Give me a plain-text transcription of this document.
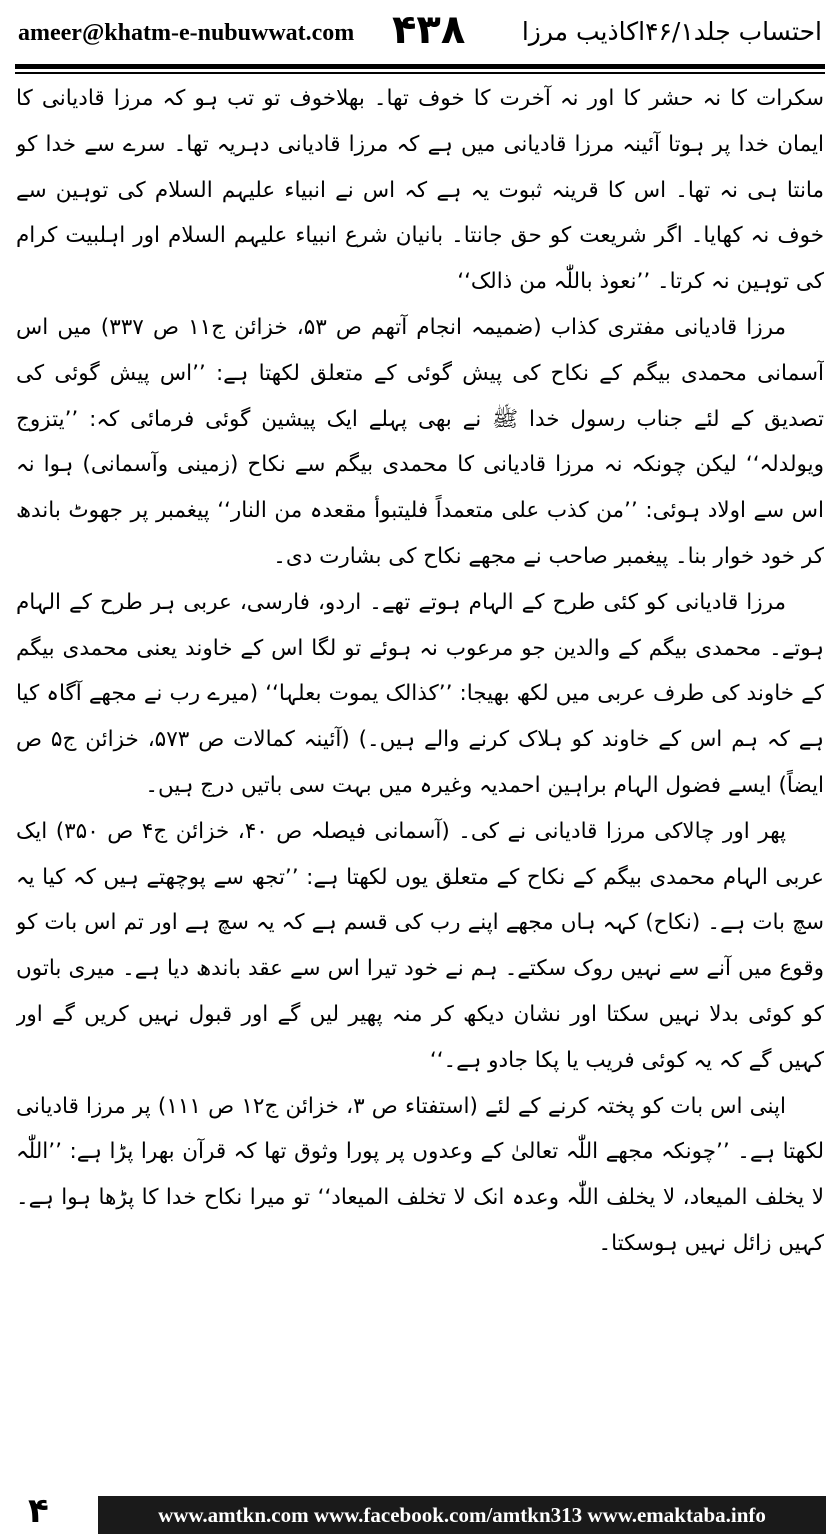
ameer@khatm-e-nubuwwat.com ۴۳۸ احتساب جلد۴۶/۱اکاذیب مرزا

سکرات کا نہ حشر کا اور نہ آخرت کا خوف تھا۔ بھلاخوف تو تب ہو کہ مرزا قادیانی کا ایمان خدا پر ہوتا آئینہ مرزا قادیانی میں ہے کہ مرزا قادیانی دہریہ تھا۔ سرے سے خدا کو مانتا ہی نہ تھا۔ اس کا قرینہ ثبوت یہ ہے کہ اس نے انبیاء علیہم السلام کی توہین سے خوف نہ کھایا۔ اگر شریعت کو حق جانتا۔ بانیان شرع انبیاء علیہم السلام اور اہلبیت کرام کی توہین نہ کرتا۔ ’’نعوذ باللّٰہ من ذالک‘‘

مرزا قادیانی مفتری کذاب (ضمیمہ انجام آتھم ص ۵۳، خزائن ج۱۱ ص ۳۳۷) میں اس آسمانی محمدی بیگم کے نکاح کی پیش گوئی کے متعلق لکھتا ہے: ’’اس پیش گوئی کی تصدیق کے لئے جناب رسول خدا ﷺ نے بھی پہلے ایک پیشین گوئی فرمائی کہ: ’’یتزوج ویولدلہ‘‘ لیکن چونکہ نہ مرزا قادیانی کا محمدی بیگم سے نکاح (زمینی وآسمانی) ہوا نہ اس سے اولاد ہوئی: ’’من کذب علی متعمداً فلیتبوأ مقعدہ من النار‘‘ پیغمبر پر جھوٹ باندھ کر خود خوار بنا۔ پیغمبر صاحب نے مجھے نکاح کی بشارت دی۔

مرزا قادیانی کو کئی طرح کے الہام ہوتے تھے۔ اردو، فارسی، عربی ہر طرح کے الہام ہوتے۔ محمدی بیگم کے والدین جو مرعوب نہ ہوئے تو لگا اس کے خاوند یعنی محمدی بیگم کے خاوند کی طرف عربی میں لکھ بھیجا: ’’کذالک یموت بعلہا‘‘ (میرے رب نے مجھے آگاہ کیا ہے کہ ہم اس کے خاوند کو ہلاک کرنے والے ہیں۔) (آئینہ کمالات ص ۵۷۳، خزائن ج۵ ص ایضاً) ایسے فضول الہام براہین احمدیہ وغیرہ میں بہت سی باتیں درج ہیں۔

پھر اور چالاکی مرزا قادیانی نے کی۔ (آسمانی فیصلہ ص ۴۰، خزائن ج۴ ص ۳۵۰) ایک عربی الہام محمدی بیگم کے نکاح کے متعلق یوں لکھتا ہے: ’’تجھ سے پوچھتے ہیں کہ کیا یہ سچ بات ہے۔ (نکاح) کہہ ہاں مجھے اپنے رب کی قسم ہے کہ یہ سچ ہے اور تم اس بات کو وقوع میں آنے سے نہیں روک سکتے۔ ہم نے خود تیرا اس سے عقد باندھ دیا ہے۔ میری باتوں کو کوئی بدلا نہیں سکتا اور نشان دیکھ کر منہ پھیر لیں گے اور قبول نہیں کریں گے اور کہیں گے کہ یہ کوئی فریب یا پکا جادو ہے۔‘‘

اپنی اس بات کو پختہ کرنے کے لئے (استفتاء ص ۳، خزائن ج۱۲ ص ۱۱۱) پر مرزا قادیانی لکھتا ہے۔ ’’چونکہ مجھے اللّٰہ تعالیٰ کے وعدوں پر پورا وثوق تھا کہ قرآن بھرا پڑا ہے: ’’اللّٰہ لا یخلف المیعاد، لا یخلف اللّٰہ وعدہ انک لا تخلف المیعاد‘‘ تو میرا نکاح خدا کا پڑھا ہوا ہے۔ کہیں زائل نہیں ہوسکتا۔

۴	www.amtkn.com www.facebook.com/amtkn313 www.emaktaba.info
